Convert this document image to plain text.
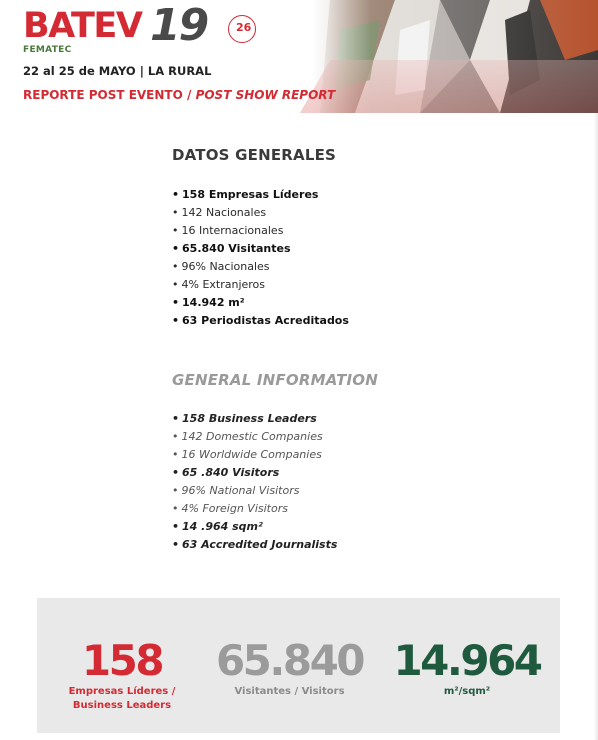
BATEV 19
FEMATEC
26
22 al 25 de MAYO | LA RURAL
REPORTE POST EVENTO / POST SHOW REPORT
DATOS GENERALES
• 158 Empresas Líderes
• 142 Nacionales
• 16 Internacionales
• 65.840 Visitantes
• 96% Nacionales
• 4% Extranjeros
• 14.942 m²
• 63 Periodistas Acreditados
GENERAL INFORMATION
• 158 Business Leaders
• 142 Domestic Companies
• 16 Worldwide Companies
• 65 .840 Visitors
• 96% National Visitors
• 4% Foreign Visitors
• 14 .964 sqm²
• 63 Accredited Journalists
158
Empresas Líderes /
Business Leaders
65.840
Visitantes / Visitors
14.964
m²/sqm²
